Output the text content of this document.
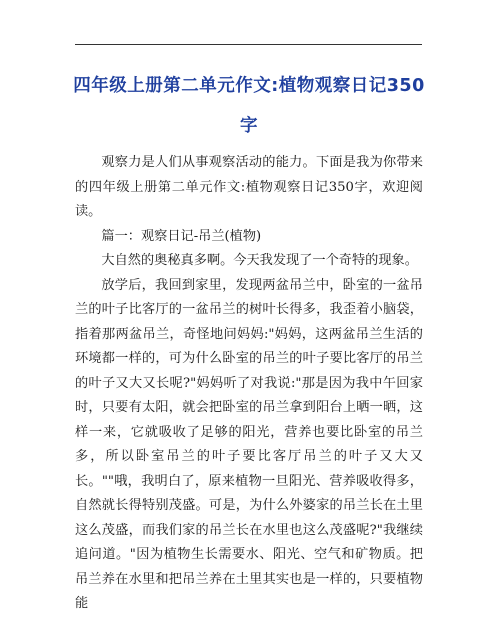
四年级上册第二单元作文:植物观察日记350字

观察力是人们从事观察活动的能力。下面是我为你带来的四年级上册第二单元作文:植物观察日记350字，欢迎阅读。

篇一：观察日记-吊兰(植物)

大自然的奥秘真多啊。今天我发现了一个奇特的现象。

放学后，我回到家里，发现两盆吊兰中，卧室的一盆吊兰的叶子比客厅的一盆吊兰的树叶长得多，我歪着小脑袋，指着那两盆吊兰，奇怪地问妈妈:"妈妈，这两盆吊兰生活的环境都一样的，可为什么卧室的吊兰的叶子要比客厅的吊兰的叶子又大又长呢?"妈妈听了对我说:"那是因为我中午回家时，只要有太阳，就会把卧室的吊兰拿到阳台上晒一晒，这样一来，它就吸收了足够的阳光，营养也要比卧室的吊兰多，所以卧室吊兰的叶子要比客厅吊兰的叶子又大又长。""哦，我明白了，原来植物一旦阳光、营养吸收得多，自然就长得特别茂盛。可是，为什么外婆家的吊兰长在土里这么茂盛，而我们家的吊兰长在水里也这么茂盛呢?"我继续追问道。"因为植物生长需要水、阳光、空气和矿物质。把吊兰养在水里和把吊兰养在土里其实也是一样的，只要植物能
